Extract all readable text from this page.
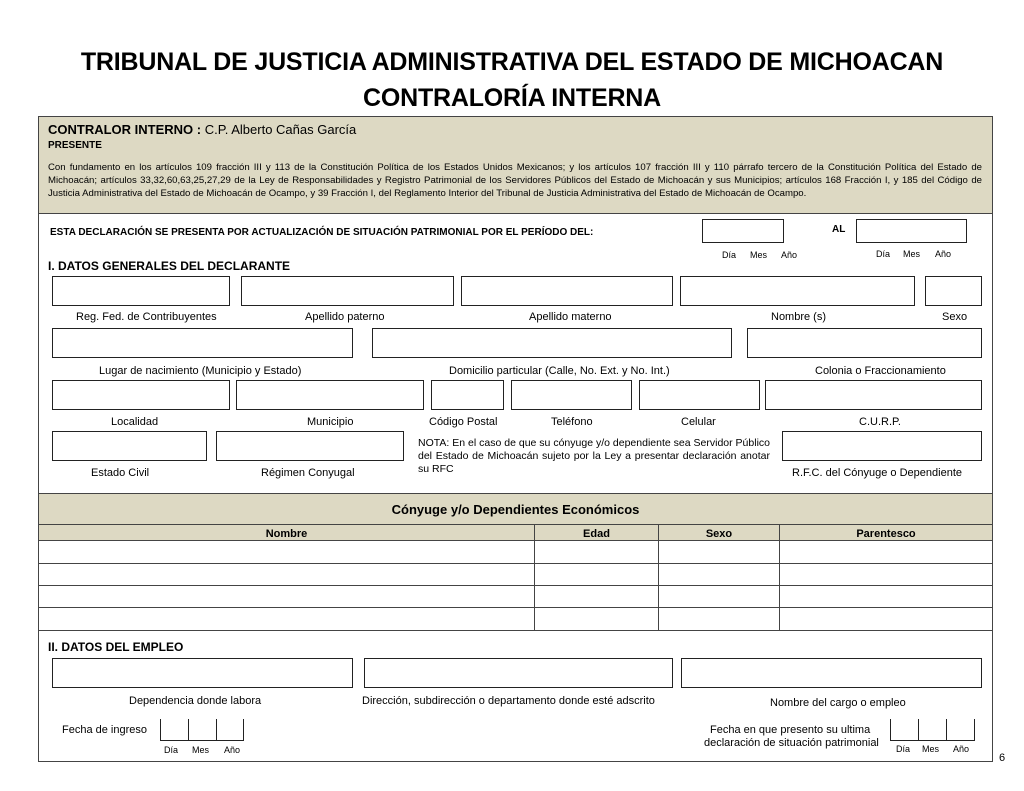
TRIBUNAL DE JUSTICIA ADMINISTRATIVA DEL ESTADO DE MICHOACAN
CONTRALORÍA INTERNA
CONTRALOR INTERNO : C.P. Alberto Cañas García
PRESENTE
Con fundamento en los artículos 109 fracción III y 113 de la Constitución Política de los Estados Unidos Mexicanos; y los artículos 107 fracción III y 110 párrafo tercero de la Constitución Política del Estado de Michoacán; artículos 33,32,60,63,25,27,29 de la Ley de Responsabilidades y Registro Patrimonial de los Servidores Públicos del Estado de Michoacán y sus Municipios; artículos 168 Fracción I, y 185 del Código de Justicia Administrativa del Estado de Michoacán de Ocampo, y 39 Fracción I, del Reglamento Interior del Tribunal de Justicia Administrativa del Estado de Michoacán de Ocampo.
ESTA DECLARACIÓN SE PRESENTA POR ACTUALIZACIÓN DE SITUACIÓN PATRIMONIAL POR EL PERÍODO DEL:	AL
Día Mes Año	Día Mes Año
I. DATOS GENERALES DEL DECLARANTE
Reg. Fed. de Contribuyentes	Apellido paterno	Apellido materno	Nombre (s)	Sexo
Lugar de nacimiento (Municipio y Estado)	Domicilio particular (Calle, No. Ext. y No. Int.)	Colonia o Fraccionamiento
Localidad	Municipio	Código Postal	Teléfono	Celular	C.U.R.P.
NOTA: En el caso de que su cónyuge y/o dependiente sea Servidor Público del Estado de Michoacán sujeto por la Ley a presentar declaración anotar su RFC
Estado Civil	Régimen Conyugal	R.F.C. del Cónyuge o Dependiente
Cónyuge y/o Dependientes Económicos
Nombre	Edad	Sexo	Parentesco
II. DATOS DEL EMPLEO
Dependencia donde labora	Dirección, subdirección o departamento donde esté adscrito	Nombre del cargo o empleo
Fecha de ingreso
Día Mes Año
Fecha en que presento su ultima
declaración de situación patrimonial Día Mes Año
6
